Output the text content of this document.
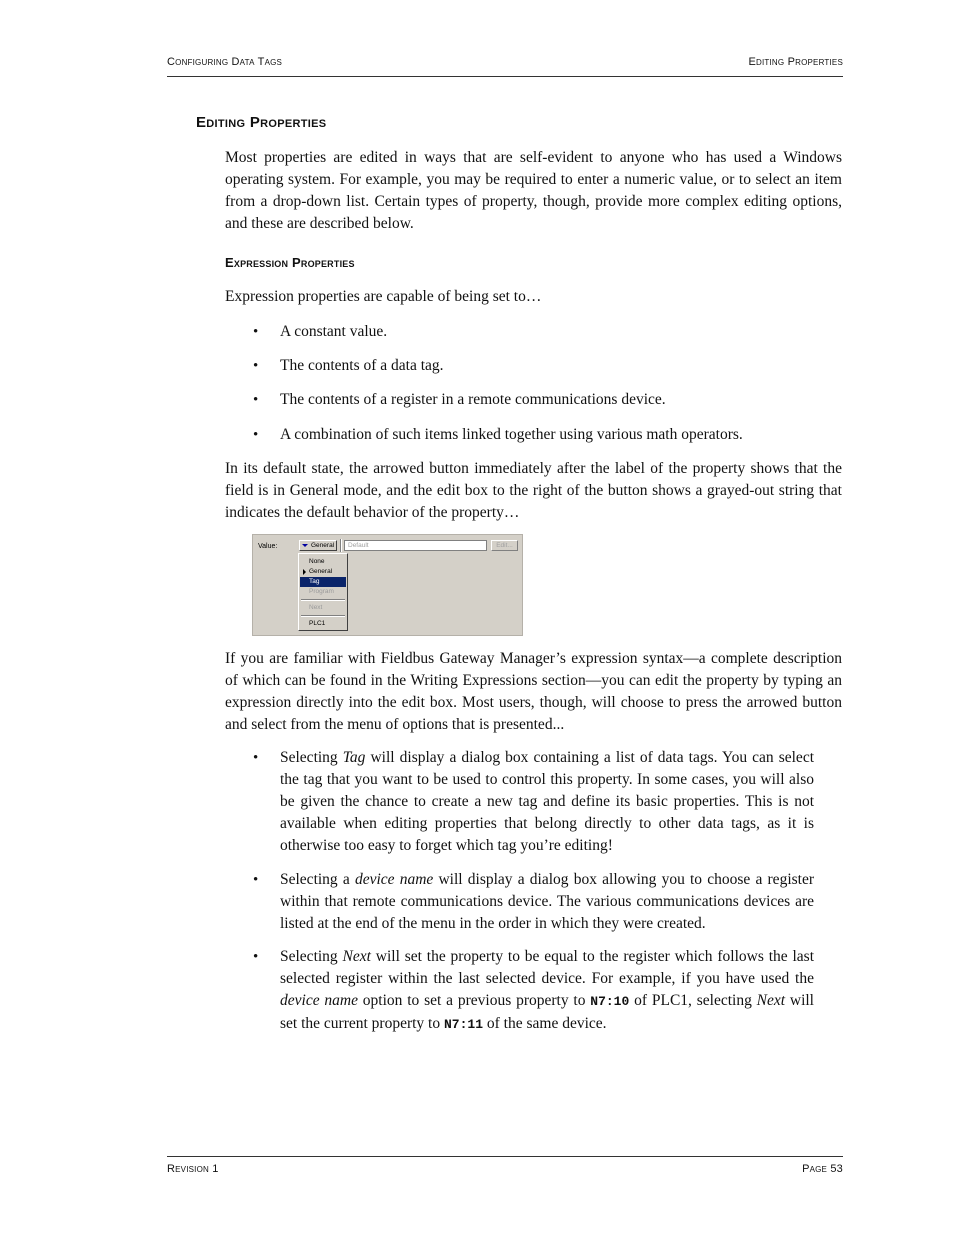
Configuring Data Tags	Editing Properties
Editing Properties

Most properties are edited in ways that are self-evident to anyone who has used a Windows operating system. For example, you may be required to enter a numeric value, or to select an item from a drop-down list. Certain types of property, though, provide more complex editing options, and these are described below.

Expression Properties

Expression properties are capable of being set to…

• A constant value.
• The contents of a data tag.
• The contents of a register in a remote communications device.
• A combination of such items linked together using various math operators.

In its default state, the arrowed button immediately after the label of the property shows that the field is in General mode, and the edit box to the right of the button shows a grayed-out string that indicates the default behavior of the property…

Value:	General	Default	Edit...
None
General
Tag
Program
Next
PLC1

If you are familiar with Fieldbus Gateway Manager’s expression syntax—a complete description of which can be found in the Writing Expressions section—you can edit the property by typing an expression directly into the edit box. Most users, though, will choose to press the arrowed button and select from the menu of options that is presented...

• Selecting Tag will display a dialog box containing a list of data tags. You can select the tag that you want to be used to control this property. In some cases, you will also be given the chance to create a new tag and define its basic properties. This is not available when editing properties that belong directly to other data tags, as it is otherwise too easy to forget which tag you’re editing!
• Selecting a device name will display a dialog box allowing you to choose a register within that remote communications device. The various communications devices are listed at the end of the menu in the order in which they were created.
• Selecting Next will set the property to be equal to the register which follows the last selected register within the last selected device. For example, if you have used the device name option to set a previous property to N7:10 of PLC1, selecting Next will set the current property to N7:11 of the same device.
Revision 1	Page 53
